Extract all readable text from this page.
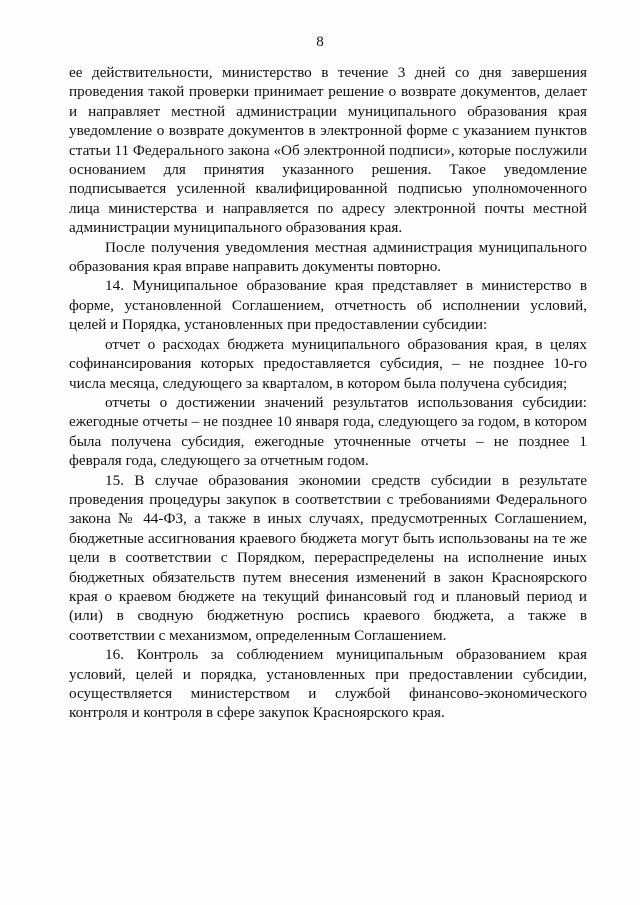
8

ее действительности, министерство в течение 3 дней со дня завершения проведения такой проверки принимает решение о возврате документов, делает и направляет местной администрации муниципального образования края уведомление о возврате документов в электронной форме с указанием пунктов статьи 11 Федерального закона «Об электронной подписи», которые послужили основанием для принятия указанного решения. Такое уведомление подписывается усиленной квалифицированной подписью уполномоченного лица министерства и направляется по адресу электронной почты местной администрации муниципального образования края.

После получения уведомления местная администрация муниципального образования края вправе направить документы повторно.

14. Муниципальное образование края представляет в министерство в форме, установленной Соглашением, отчетность об исполнении условий, целей и Порядка, установленных при предоставлении субсидии:

отчет о расходах бюджета муниципального образования края, в целях софинансирования которых предоставляется субсидия, – не позднее 10-го числа месяца, следующего за кварталом, в котором была получена субсидия;

отчеты о достижении значений результатов использования субсидии: ежегодные отчеты – не позднее 10 января года, следующего за годом, в котором была получена субсидия, ежегодные уточненные отчеты – не позднее 1 февраля года, следующего за отчетным годом.

15. В случае образования экономии средств субсидии в результате проведения процедуры закупок в соответствии с требованиями Федерального закона № 44-ФЗ, а также в иных случаях, предусмотренных Соглашением, бюджетные ассигнования краевого бюджета могут быть использованы на те же цели в соответствии с Порядком, перераспределены на исполнение иных бюджетных обязательств путем внесения изменений в закон Красноярского края о краевом бюджете на текущий финансовый год и плановый период и (или) в сводную бюджетную роспись краевого бюджета, а также в соответствии с механизмом, определенным Соглашением.

16. Контроль за соблюдением муниципальным образованием края условий, целей и порядка, установленных при предоставлении субсидии, осуществляется министерством и службой финансово-экономического контроля и контроля в сфере закупок Красноярского края.
